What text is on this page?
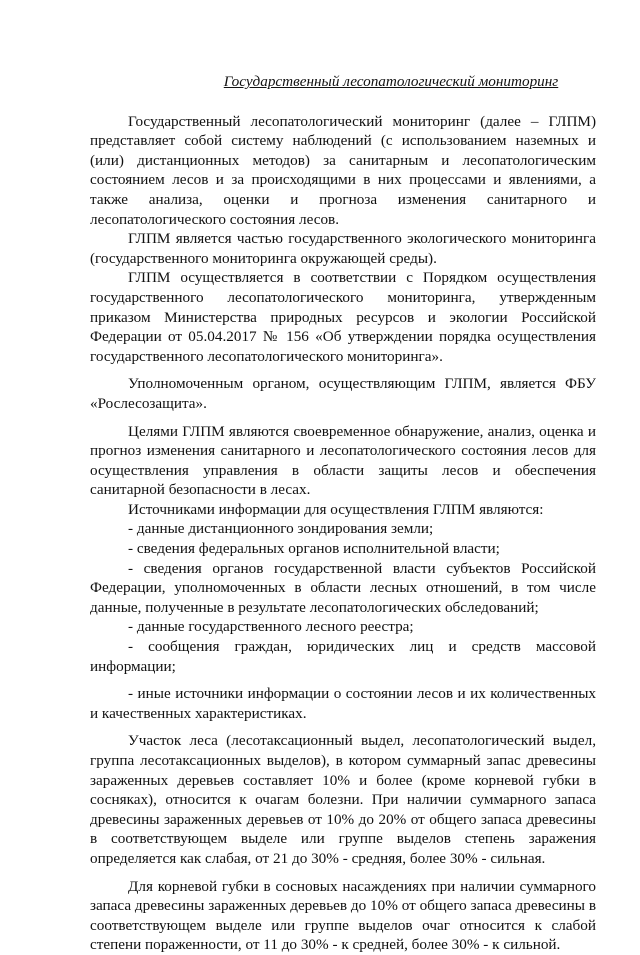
Государственный лесопатологический мониторинг

Государственный лесопатологический мониторинг (далее – ГЛПМ) представляет собой систему наблюдений (с использованием наземных и (или) дистанционных методов) за санитарным и лесопатологическим состоянием лесов и за происходящими в них процессами и явлениями, а также анализа, оценки и прогноза изменения санитарного и лесопатологического состояния лесов.

ГЛПМ является частью государственного экологического мониторинга (государственного мониторинга окружающей среды).

ГЛПМ осуществляется в соответствии с Порядком осуществления государственного лесопатологического мониторинга, утвержденным приказом Министерства природных ресурсов и экологии Российской Федерации от 05.04.2017 № 156 «Об утверждении порядка осуществления государственного лесопатологического мониторинга».

Уполномоченным органом, осуществляющим ГЛПМ, является ФБУ «Рослесозащита».

Целями ГЛПМ являются своевременное обнаружение, анализ, оценка и прогноз изменения санитарного и лесопатологического состояния лесов для осуществления управления в области защиты лесов и обеспечения санитарной безопасности в лесах.

Источниками информации для осуществления ГЛПМ являются:

- данные дистанционного зондирования земли;

- сведения федеральных органов исполнительной власти;

- сведения органов государственной власти субъектов Российской Федерации, уполномоченных в области лесных отношений, в том числе данные, полученные в результате лесопатологических обследований;

- данные государственного лесного реестра;

- сообщения граждан, юридических лиц и средств массовой информации;

- иные источники информации о состоянии лесов и их количественных и качественных характеристиках.

Участок леса (лесотаксационный выдел, лесопатологический выдел, группа лесотаксационных выделов), в котором суммарный запас древесины зараженных деревьев составляет 10% и более (кроме корневой губки в сосняках), относится к очагам болезни. При наличии суммарного запаса древесины зараженных деревьев от 10% до 20% от общего запаса древесины в соответствующем выделе или группе выделов степень заражения определяется как слабая, от 21 до 30% - средняя, более 30% - сильная.

Для корневой губки в сосновых насаждениях при наличии суммарного запаса древесины зараженных деревьев до 10% от общего запаса древесины в соответствующем выделе или группе выделов очаг относится к слабой степени пораженности, от 11 до 30% - к средней, более 30% - к сильной.
